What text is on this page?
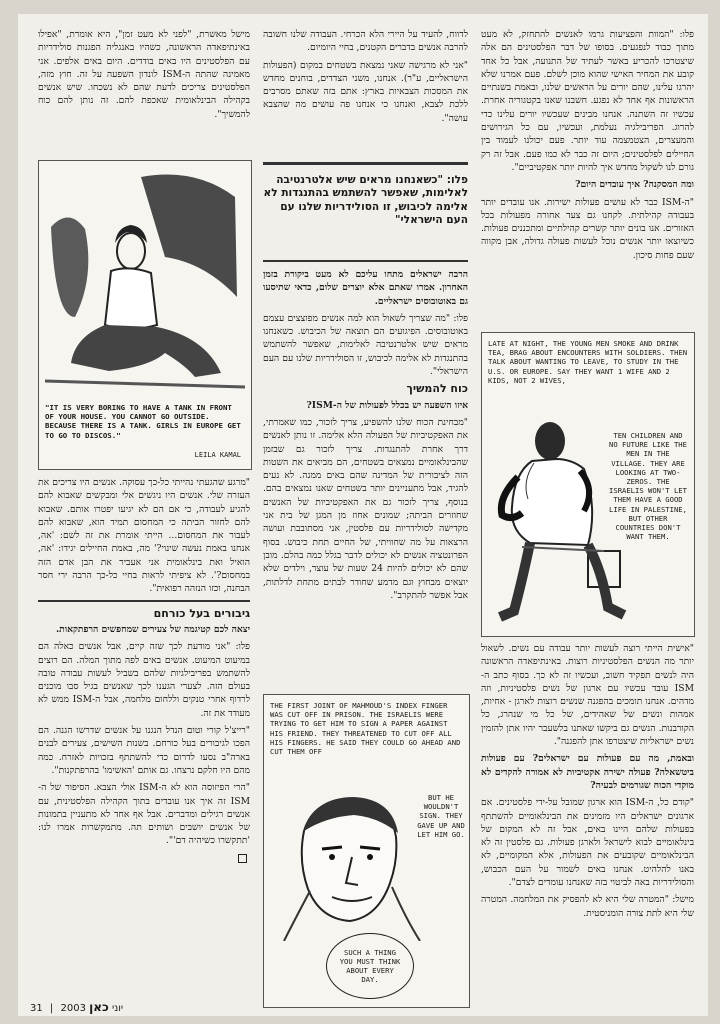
פלו: "המוות והפציעות גרמו לאנשים להתחזק, לא מעט מתוך כבוד לנפגעים. בסופו של דבר הפלסטינים הם אלה שיצטרכו להכריע באשר לעתיד של התנועה, אבל כל אחד קובע את המחיר האישי שהוא מוכן לשלם. פעם אמרנו שלא יהרגו עלינו, שהם יורים על הראשים שלנו, ובאמת בשנתיים הראשונות אף אחד לא נפגע. חשבנו שאנו בקטגוריה אחרת. עכשיו זה השתנה. אנחנו מבינים שעכשיו יורים עלינו כדי להרוג. הפריבילגיה נעלמת, ועכשיו, עם כל הגירושים והמעצרים, הצטמצמה עוד יותר. פעם יכולנו לעמוד בין החיילים לפלסטינים; היום זה כבר לא כמו פעם. אבל זה רק גורם לנו לשקול מחדש איך להיות יותר אפקטיביים".

ומה המסקנה? איך עובדים היום?

"ה-ISM כבר לא עושים פעולות ישירות. אנו עובדים יותר בעבודה קהילתית. לקחנו גם צעד אחורה מפעולות בכל האזורים. אנו בונים יותר קשרים קהילתיים ומתכננים פעולות. כשיוצאו יותר אנשים נוכל לעשות פעולה גדולה, אבן מקווה שעם פחות סיכון.

LATE AT NIGHT, THE YOUNG MEN SMOKE AND DRINK TEA, BRAG ABOUT ENCOUNTERS WITH SOLDIERS. THEN TALK ABOUT WANTING TO LEAVE, TO STUDY IN THE U.S. OR EUROPE. SAY THEY WANT 1 WIFE AND 2 KIDS, NOT 2 WIVES,
TEN CHILDREN AND NO FUTURE LIKE THE MEN IN THE VILLAGE. THEY ARE LOOKING AT TWO-ZEROS. THE ISRAELIS WON'T LET THEM HAVE A GOOD LIFE IN PALESTINE, BUT OTHER COUNTRIES DON'T WANT THEM.

"אישית הייתי רוצה לעשות יותר עבודה עם נשים. לשאול יותר מה הנשים הפלסטיניות רוצות. באינתיפאדה הראשונה היה לנשים תפקיד חשוב, ועכשיו זה לא כך. בסוף כתב ה-ISM עובד עכשיו עם ארגון של נשים פלסטיניות, וזה מדהים. אנחנו תומכים בהפגנה שנשים רוצות לארגן - אחיות, אמהות ונשים של שאהידים, של כל מי שנהרג, כל הקורבנות. הנשים גם ביקשו שאתנו בלשעבר יהיו אתן להזמין נשים ישראליות שיצטרפו אתן להפגנה".

ובאמת, מה עם פעולות עם ישראלים? עם פעולות ביטשאלה? פעולה ישירה אקטיביות לא אמורה להקדים לא מוקדי הכוח שגורמים לבעיה?

"קודם כל, ה-ISM הוא ארגון שמובל על-ידי פלסטינים. אם ארגונים ישראלים היו מזמינים את הבינלאומיים להשתתף בפעולות שלהם היינו באים, אבל זה לא המקום של בינלאומיים לבוא לישראל ולארגן פעולות. גם פלסטין זה לא הבינלאומיים שקובעים את הפעולות, אלא המקומיים, לא באנו להלהיט. אנחנו באים לשמור על העם הכבוש, והסולידריות באה לביטוי בזה שאנחנו עומדים לצדם".

מישל: "המטרה שלי היא לא להפסיק את המלחמה. המטרה שלי היא לתת צורה הומניסטית.

לדווח, להעיד על היירי הלא הכרחי. העבודה שלנו חשובה להרבה אנשים בדברים הקטנים, בחיי היומיום.

"אני לא מרגישה שאני נמצאת בשטחים במקום (הפעולות הישראליים, ע"ר). אנחנו, משני הצדדים, בוחנים מחדש את המסכות הצבאיות בארץ: אתם בזה שאתם מסרבים ללכת לצבא, ואנחנו כי אנחנו פה עושים מה שהצבא עושה".

פלו: "כשאנחנו מראים שיש אלטרנטיבה לאלימות, שאפשר להשתמש בהתנגדות לא אלימה לכיבוש, זו הסולידריות שלנו עם העם הישראלי"

הרבה ישראלים מתחו עליכם לא מעט ביקורת בזמן האחרון. אמרו שאתם אלא יוצרים שלום, כדאי שתיסעו גם באוטובוסים ישראליים.

פלו: "מה שצריך לשאול הוא למה אנשים מפוצצים עצמם באוטובוסים. הפיגועים הם תוצאה של הכיבוש. כשאנחנו מראים שיש אלטרנטיבה לאלימות, שאפשר להשתמש בהתנגדות לא אלימה לכיבוש, זו הסולידריות שלנו עם העם הישראלי".

כוח להמשיך

איזו השפעה יש בכלל לפעולות של ה-ISM?

"מבחינת הכוח שלנו להשפיע, צריך לזכור, כמו שאמרתי, את האפקטיביות של הפעולה הלא אלימה. זו נותן לאנשים דרך אחרת להתנגדות. צריך לזכור גם שבזמן שהבינלאומיים נמצאים בשטחים, הם מביאים את השטות הזה לציבורית של המדינה שהם באים ממנה. לא נעים להגיד, אבל מתעניינים יותר בשטחים שאנו נמצאים בהם. בנוסף, צריך לזכור גם את האפקטיביות של האנשים שחוזרים הביתה; שמונים אחוז מן המגן של בית אני מקדישה לסולידריות עם פלסטין, אני מסתובבת ועושה הרצאות על מה שחוויתי, של החיים תחת כיבוש. בסוף הפרונטציה אנשים לא יכולים לדבר בגלל כמה בהלם. מובן שהם לא יכולים להיות 24 שעות של עוצר, וילדים שלא יוצאים מבחוץ וגם מדמע שחודר לבתים מתחת לדלתות, אבל אפשר להתקרב".

THE FIRST JOINT OF MAHMOUD'S INDEX FINGER WAS CUT OFF IN PRISON. THE ISRAELIS WERE TRYING TO GET HIM TO SIGN A PAPER AGAINST HIS FRIEND. THEY THREATENED TO CUT OFF ALL HIS FINGERS. HE SAID THEY COULD GO AHEAD AND CUT THEM OFF
BUT HE WOULDN'T SIGN. THEY GAVE UP AND LET HIM GO.
SUCH A THING YOU MUST THINK ABOUT EVERY DAY.

מישל מאשרת, "לפני לא מעט זמן", היא אומרת, "אפילו באינתיפאדה הראשונה, כשהיו באנגליה הפגנות סולידריות עם הפלסטינים היו באים בודדים. היום באים אלפים. אני מאמינה שהתה ה-ISM לונדון השפעה על זה. חוץ מזה, הפלסטינים צריכים לדעת שהם לא נשכחו. שיש אנשים בקהילה הבינלאומית שאכפת להם. זה נותן להם כוח להמשיך".

"IT IS VERY BORING TO HAVE A TANK IN FRONT OF YOUR HOUSE. YOU CANNOT GO OUTSIDE. BECAUSE THERE IS A TANK. GIRLS IN EUROPE GET TO GO TO DISCOS."
LEILA KAMAL

"מרגע שהגעתי נהייתי כל-כך עסוקה. אנשים היו צריכים את העזרה שלי. אנשים היו ניגשים אלי ומבקשים שאבוא להם להגיע לעבודה, כי אם הם לא יגיעו יפטרו אותם. שאבוא להם לחזור הביתה כי המחסום תמיד הוא, שאבוא להם לעבור את המחסום... הייתי אומרת את זה לשם: 'אה, אנחנו באמת נעשה שינוי?' מה, באמת החיילים יגידו: 'אה, הואיל ואת בינלאומית אני אעביר את הבן אדם הזה במחסום?'. לא ציפיתי לראות בחיי כל-כך הרבה ירי חסר הבחנה, וכזו הנזהה רפואית".

גיבורים בעל כורחם

יצאה לכם קטיגמה של צעירים שמחפשים הרפתקאות.

פלו: "אני מודעת לכך שזה קיים, אבל אנשים כאלה הם במיעוט המיעוט. אנשים באים לפה מתוך המלה. הם רוצים להשתמש בפריבילגיות שלהם בשביל לעשות עבודה טובה בעולם הזה. לצערי הגענו לכך שאנשים בגיל סבו מוכנים לרדוף אחרי טנקים וללחום מלחמה, אבל ה-ISM ממש לא מעודד את זה.

"רייצ'ל קורי וטום הנדל הנגנו על אנשים שדרשו הגנה. הם הפכו לגיבורים בעל כורחם. בשנות השישים, צעירים לבנים בארה"ב נסעו לדרום כדי להשתתף בזכויות לאזרח. כמה מהם היו חלקם נרצחו. גם אותם 'האשימו' בהרפתקנות".

"הרי הפיזוסה הוא לא ה-ISM אולי הצבא. הסיפור של ה-ISM זה איך אנו עובדים בתוך הקהילה הפלסטינית, עם אנשים רגילים ומדברים. אבל אף אחד לא מתעניין בתמונות של אנשים יושבים ושותים תה. מתמקשרות אמרו לנו: 'תתקשרו כשיהיה דם'".

31 | 2003 יוני כאן
